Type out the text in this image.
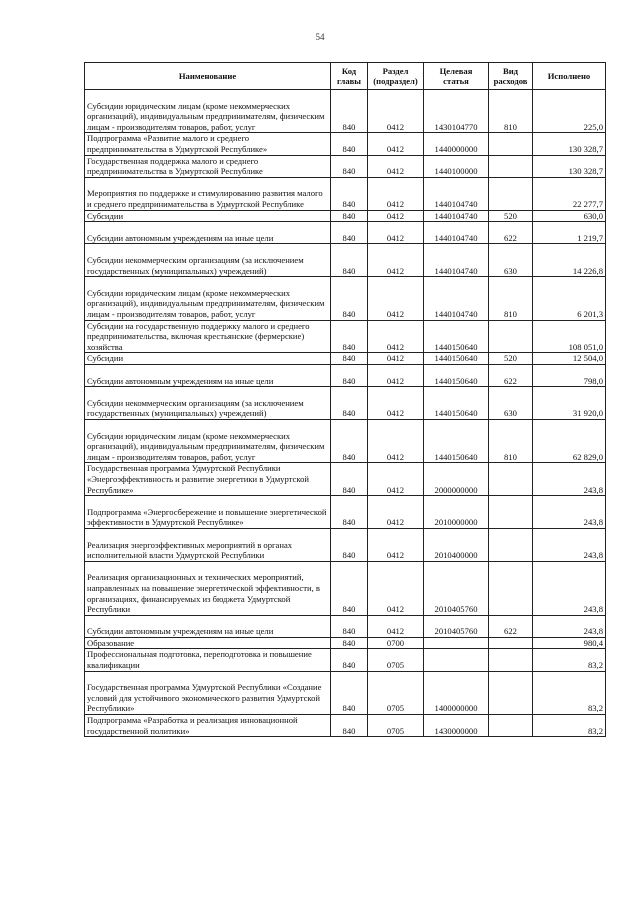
54
Наименование	Код главы	Раздел (подраздел)	Целевая статья	Вид расходов	Исполнено
Субсидии юридическим лицам (кроме некоммерческих организаций), индивидуальным предпринимателям, физическим лицам - производителям товаров, работ, услуг	840	0412	1430104770	810	225,0
Подпрограмма «Развитие малого и среднего предпринимательства в Удмуртской Республике»	840	0412	1440000000		130 328,7
Государственная поддержка малого и среднего предпринимательства в Удмуртской Республике	840	0412	1440100000		130 328,7
Мероприятия по поддержке и стимулированию развития малого и среднего предпринимательства в Удмуртской Республике	840	0412	1440104740		22 277,7
Субсидии	840	0412	1440104740	520	630,0
Субсидии автономным учреждениям на иные цели	840	0412	1440104740	622	1 219,7
Субсидии некоммерческим организациям (за исключением государственных (муниципальных) учреждений)	840	0412	1440104740	630	14 226,8
Субсидии юридическим лицам (кроме некоммерческих организаций), индивидуальным предпринимателям, физическим лицам - производителям товаров, работ, услуг	840	0412	1440104740	810	6 201,3
Субсидии на государственную поддержку малого и среднего предпринимательства, включая крестьянские (фермерские) хозяйства	840	0412	1440150640		108 051,0
Субсидии	840	0412	1440150640	520	12 504,0
Субсидии автономным учреждениям на иные цели	840	0412	1440150640	622	798,0
Субсидии некоммерческим организациям (за исключением государственных (муниципальных) учреждений)	840	0412	1440150640	630	31 920,0
Субсидии юридическим лицам (кроме некоммерческих организаций), индивидуальным предпринимателям, физическим лицам - производителям товаров, работ, услуг	840	0412	1440150640	810	62 829,0
Государственная программа Удмуртской Республики «Энергоэффективность и развитие энергетики в Удмуртской Республике»	840	0412	2000000000		243,8
Подпрограмма «Энергосбережение и повышение энергетической эффективности в Удмуртской Республике»	840	0412	2010000000		243,8
Реализация энергоэффективных мероприятий в органах исполнительной власти Удмуртской Республики	840	0412	2010400000		243,8
Реализация организационных и технических мероприятий, направленных на повышение энергетической эффективности, в организациях, финансируемых из бюджета Удмуртской Республики	840	0412	2010405760		243,8
Субсидии автономным учреждениям на иные цели	840	0412	2010405760	622	243,8
Образование	840	0700			980,4
Профессиональная подготовка, переподготовка и повышение квалификации	840	0705			83,2
Государственная программа Удмуртской Республики «Создание условий для устойчивого экономического развития Удмуртской Республики»	840	0705	1400000000		83,2
Подпрограмма «Разработка и реализация инновационной государственной политики»	840	0705	1430000000		83,2
